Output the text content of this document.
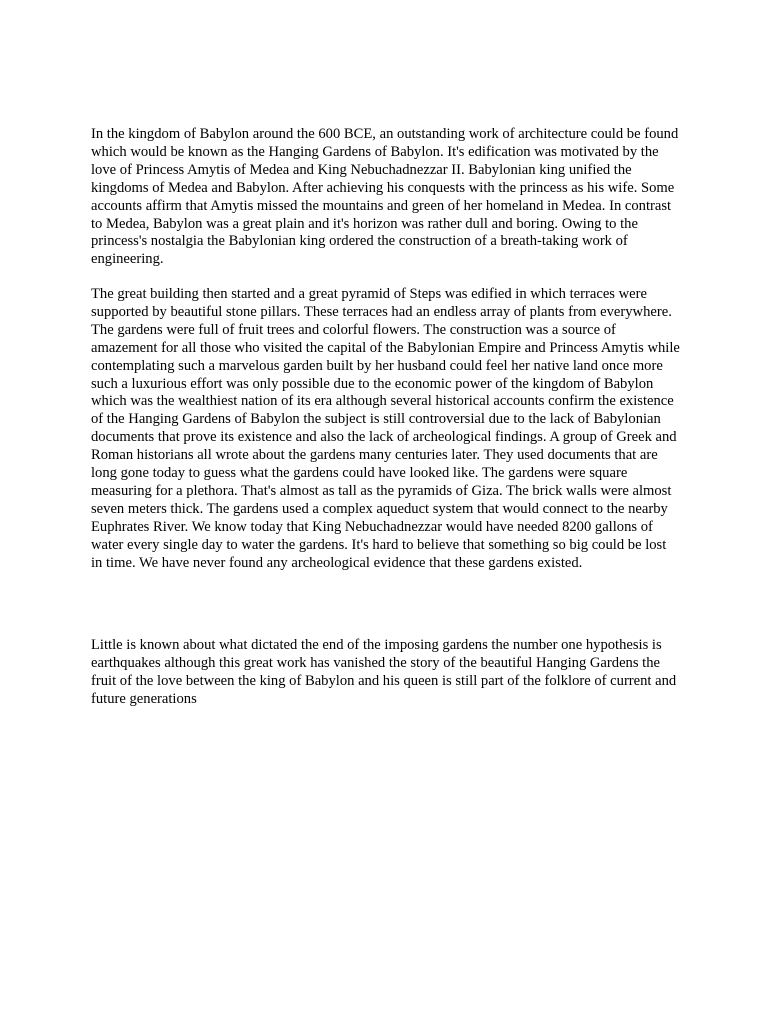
In the kingdom of Babylon around the 600 BCE, an outstanding work of architecture could be found which would be known as the Hanging Gardens of Babylon. It's edification was motivated by the love of Princess Amytis of Medea and King Nebuchadnezzar II. Babylonian king unified the kingdoms of Medea and Babylon. After achieving his conquests with the princess as his wife. Some accounts affirm that Amytis missed the mountains and green of her homeland in Medea. In contrast to Medea, Babylon was a great plain and it's horizon was rather dull and boring. Owing to the princess's nostalgia the Babylonian king ordered the construction of a breath-taking work of engineering.

The great building then started and a great pyramid of Steps was edified in which terraces were supported by beautiful stone pillars. These terraces had an endless array of plants from everywhere. The gardens were full of fruit trees and colorful flowers. The construction was a source of amazement for all those who visited the capital of the Babylonian Empire and Princess Amytis while contemplating such a marvelous garden built by her husband could feel her native land once more such a luxurious effort was only possible due to the economic power of the kingdom of Babylon which was the wealthiest nation of its era although several historical accounts confirm the existence of the Hanging Gardens of Babylon the subject is still controversial due to the lack of Babylonian documents that prove its existence and also the lack of archeological findings. A group of Greek and Roman historians all wrote about the gardens many centuries later. They used documents that are long gone today to guess what the gardens could have looked like. The gardens were square measuring for a plethora. That's almost as tall as the pyramids of Giza. The brick walls were almost seven meters thick. The gardens used a complex aqueduct system that would connect to the nearby Euphrates River. We know today that King Nebuchadnezzar would have needed 8200 gallons of water every single day to water the gardens. It's hard to believe that something so big could be lost in time. We have never found any archeological evidence that these gardens existed.

Little is known about what dictated the end of the imposing gardens the number one hypothesis is earthquakes although this great work has vanished the story of the beautiful Hanging Gardens the fruit of the love between the king of Babylon and his queen is still part of the folklore of current and future generations
